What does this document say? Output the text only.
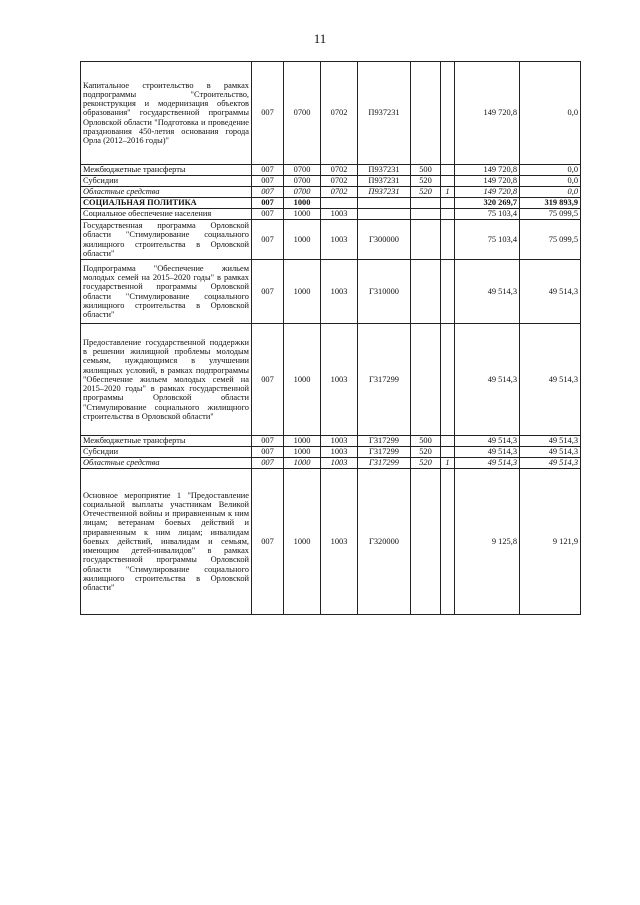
11
Капитальное строительство в рамках подпрограммы "Строительство, реконструкция и модернизация объектов образования" государственной программы Орловской области "Подготовка и проведение празднования 450-летия основания города Орла (2012–2016 годы)"	007	0700	0702	П937231			149 720,8	0,0
Межбюджетные трансферты	007	0700	0702	П937231	500		149 720,8	0,0
Субсидии	007	0700	0702	П937231	520		149 720,8	0,0
Областные средства	007	0700	0702	П937231	520	1	149 720,8	0,0
СОЦИАЛЬНАЯ ПОЛИТИКА	007	1000					320 269,7	319 893,9
Социальное обеспечение населения	007	1000	1003				75 103,4	75 099,5
Государственная программа Орловской области "Стимулирование социального жилищного строительства в Орловской области"	007	1000	1003	Г300000			75 103,4	75 099,5
Подпрограмма "Обеспечение жильем молодых семей на 2015–2020 годы" в рамках государственной программы Орловской области "Стимулирование социального жилищного строительства в Орловской области"	007	1000	1003	Г310000			49 514,3	49 514,3
Предоставление государственной поддержки в решении жилищной проблемы молодым семьям, нуждающимся в улучшении жилищных условий, в рамках подпрограммы "Обеспечение жильем молодых семей на 2015–2020 годы" в рамках государственной программы Орловской области "Стимулирование социального жилищного строительства в Орловской области"	007	1000	1003	Г317299			49 514,3	49 514,3
Межбюджетные трансферты	007	1000	1003	Г317299	500		49 514,3	49 514,3
Субсидии	007	1000	1003	Г317299	520		49 514,3	49 514,3
Областные средства	007	1000	1003	Г317299	520	1	49 514,3	49 514,3
Основное мероприятие 1 "Предоставление социальной выплаты участникам Великой Отечественной войны и приравненным к ним лицам; ветеранам боевых действий и приравненным к ним лицам; инвалидам боевых действий, инвалидам и семьям, имеющим детей-инвалидов" в рамках государственной программы Орловской области "Стимулирование социального жилищного строительства в Орловской области"	007	1000	1003	Г320000			9 125,8	9 121,9
